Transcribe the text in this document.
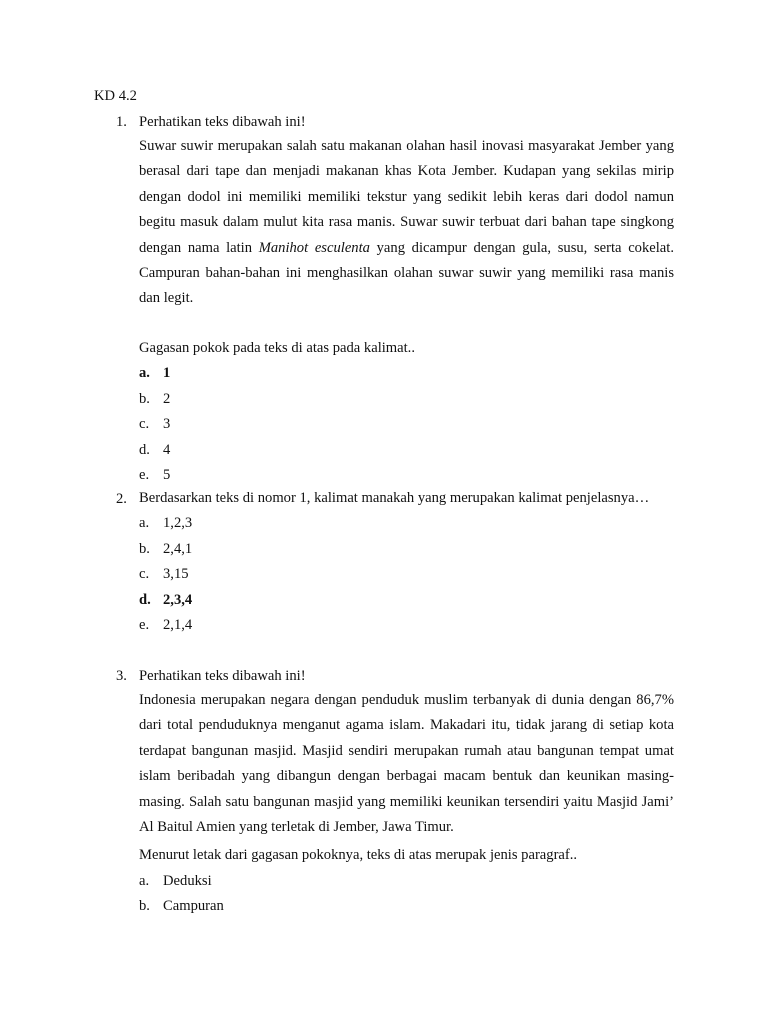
KD 4.2
1. Perhatikan teks dibawah ini!
Suwar suwir merupakan salah satu makanan olahan hasil inovasi masyarakat Jember yang berasal dari tape dan menjadi makanan khas Kota Jember. Kudapan yang sekilas mirip dengan dodol ini memiliki memiliki tekstur yang sedikit lebih keras dari dodol namun begitu masuk dalam mulut kita rasa manis. Suwar suwir terbuat dari bahan tape singkong dengan nama latin Manihot esculenta yang dicampur dengan gula, susu, serta cokelat. Campuran bahan-bahan ini menghasilkan olahan suwar suwir yang memiliki rasa manis dan legit.
Gagasan pokok pada teks di atas pada kalimat..
a. 1
b. 2
c. 3
d. 4
e. 5
2. Berdasarkan teks di nomor 1, kalimat manakah yang merupakan kalimat penjelasnya…
a. 1,2,3
b. 2,4,1
c. 3,15
d. 2,3,4
e. 2,1,4
3. Perhatikan teks dibawah ini!
Indonesia merupakan negara dengan penduduk muslim terbanyak di dunia dengan 86,7% dari total penduduknya menganut agama islam. Makadari itu, tidak jarang di setiap kota terdapat bangunan masjid. Masjid sendiri merupakan rumah atau bangunan tempat umat islam beribadah yang dibangun dengan berbagai macam bentuk dan keunikan masing-masing. Salah satu bangunan masjid yang memiliki keunikan tersendiri yaitu Masjid Jami’ Al Baitul Amien yang terletak di Jember, Jawa Timur.
Menurut letak dari gagasan pokoknya, teks di atas merupak jenis paragraf..
a. Deduksi
b. Campuran
